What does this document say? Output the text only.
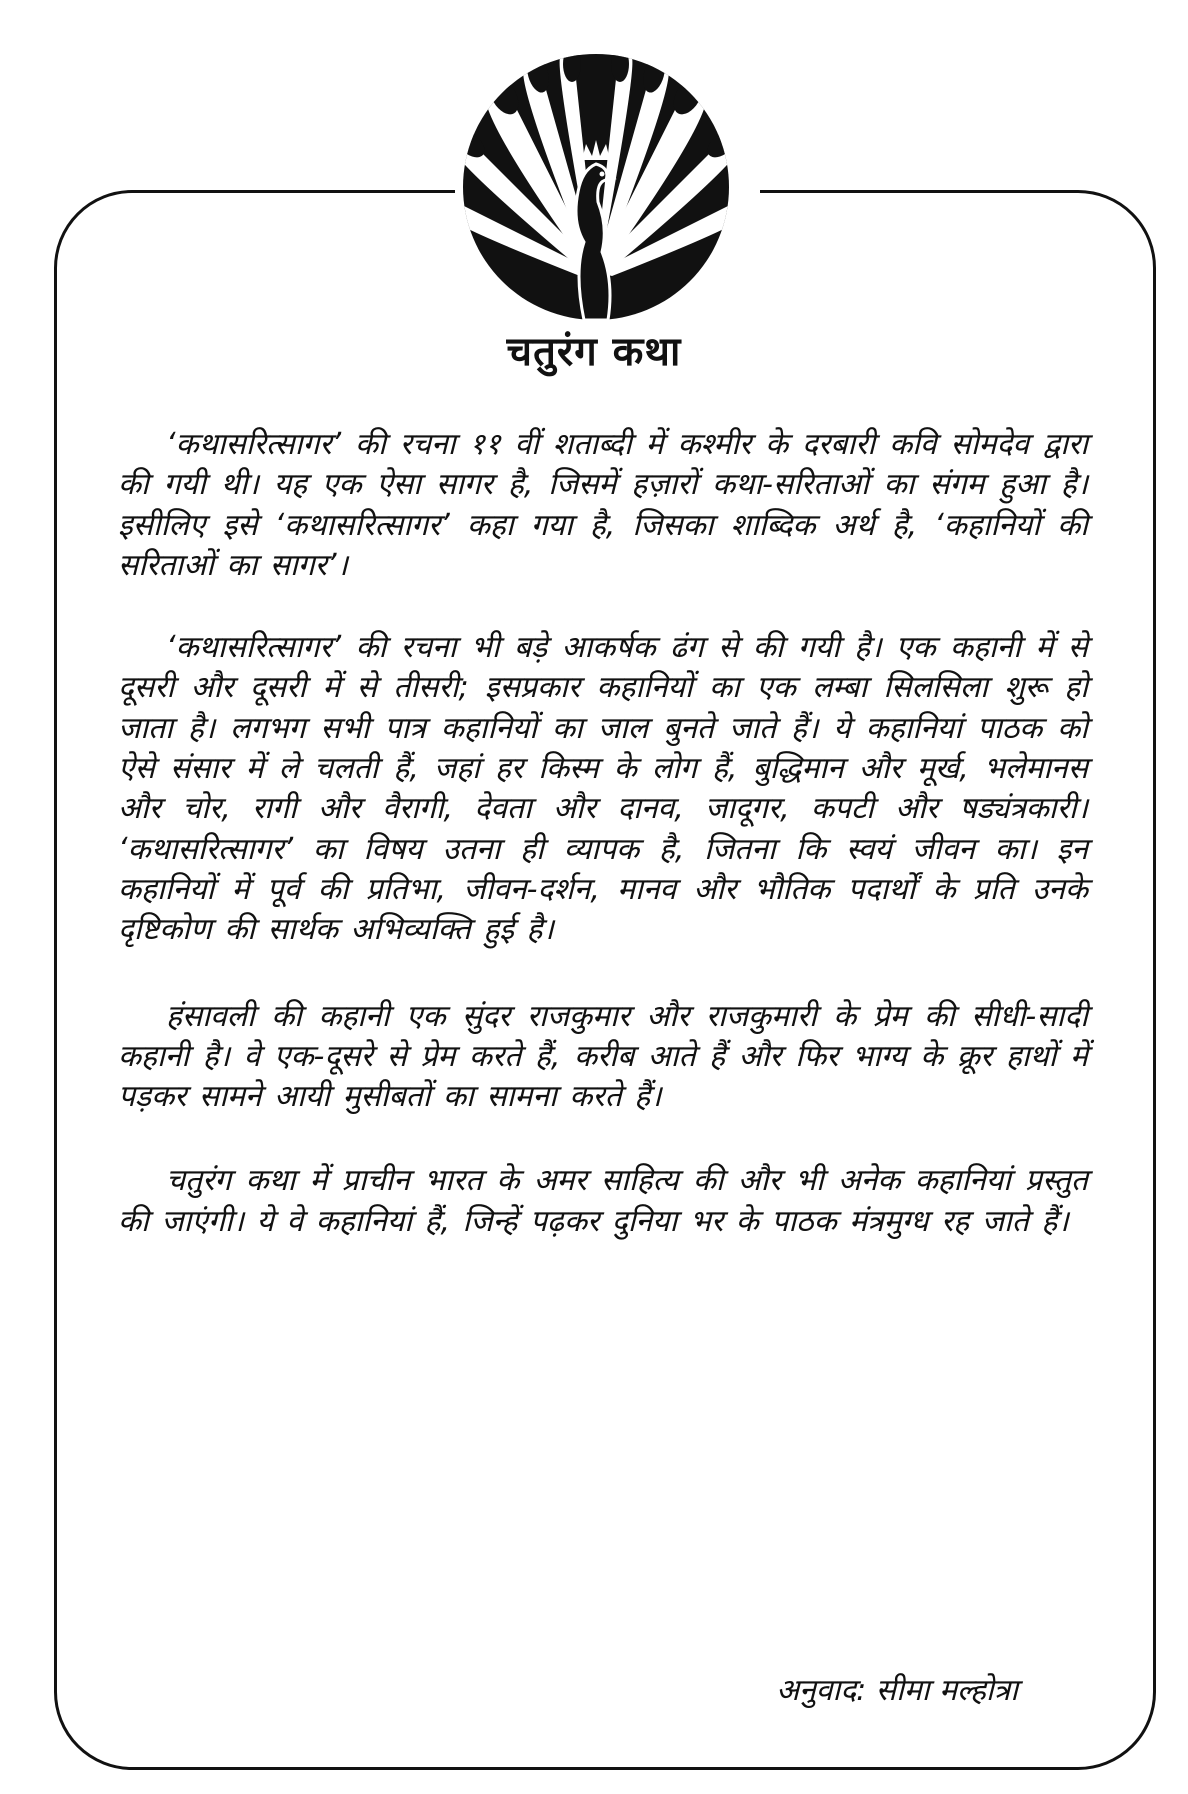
चतुरंग कथा

‘कथासरित्सागर’ की रचना ११ वीं शताब्दी में कश्मीर के दरबारी कवि सोमदेव द्वारा की गयी थी। यह एक ऐसा सागर है, जिसमें हज़ारों कथा-सरिताओं का संगम हुआ है। इसीलिए इसे ‘कथासरित्सागर’ कहा गया है, जिसका शाब्दिक अर्थ है, ‘कहानियों की सरिताओं का सागर’।

‘कथासरित्सागर’ की रचना भी बड़े आकर्षक ढंग से की गयी है। एक कहानी में से दूसरी और दूसरी में से तीसरी; इसप्रकार कहानियों का एक लम्बा सिलसिला शुरू हो जाता है। लगभग सभी पात्र कहानियों का जाल बुनते जाते हैं। ये कहानियां पाठक को ऐसे संसार में ले चलती हैं, जहां हर किस्म के लोग हैं, बुद्धिमान और मूर्ख, भलेमानस और चोर, रागी और वैरागी, देवता और दानव, जादूगर, कपटी और षड्यंत्रकारी। ‘कथासरित्सागर’ का विषय उतना ही व्यापक है, जितना कि स्वयं जीवन का। इन कहानियों में पूर्व की प्रतिभा, जीवन-दर्शन, मानव और भौतिक पदार्थों के प्रति उनके दृष्टिकोण की सार्थक अभिव्यक्ति हुई है।

हंसावली की कहानी एक सुंदर राजकुमार और राजकुमारी के प्रेम की सीधी-सादी कहानी है। वे एक-दूसरे से प्रेम करते हैं, करीब आते हैं और फिर भाग्य के क्रूर हाथों में पड़कर सामने आयी मुसीबतों का सामना करते हैं।

चतुरंग कथा में प्राचीन भारत के अमर साहित्य की और भी अनेक कहानियां प्रस्तुत की जाएंगी। ये वे कहानियां हैं, जिन्हें पढ़कर दुनिया भर के पाठक मंत्रमुग्ध रह जाते हैं।

अनुवाद: सीमा मल्होत्रा
